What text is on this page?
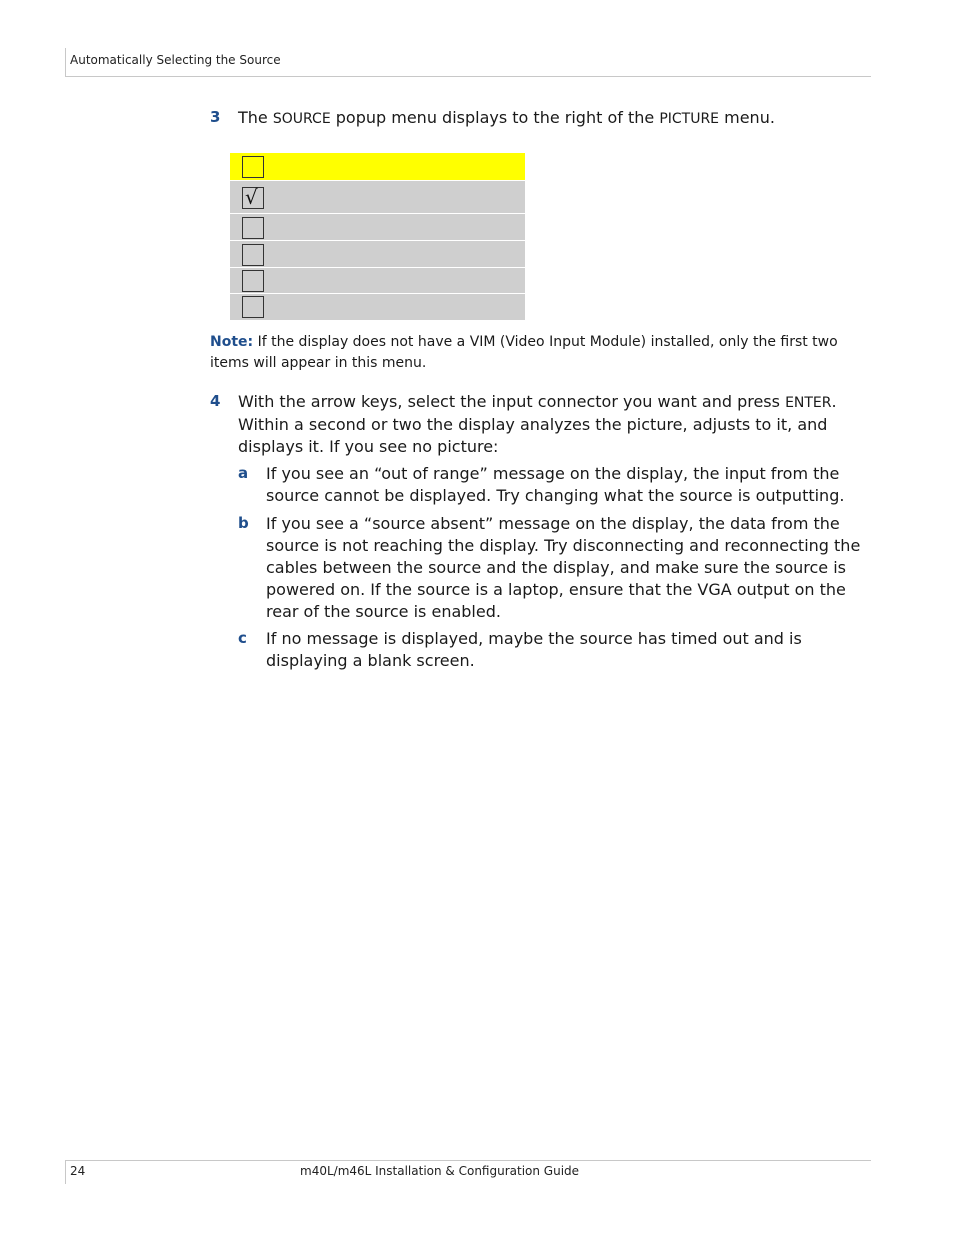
Automatically Selecting the Source
3 The SOURCE popup menu displays to the right of the PICTURE menu.
√
Note: If the display does not have a VIM (Video Input Module) installed, only the first two items will appear in this menu.
4 With the arrow keys, select the input connector you want and press ENTER. Within a second or two the display analyzes the picture, adjusts to it, and displays it. If you see no picture:
a If you see an “out of range” message on the display, the input from the source cannot be displayed. Try changing what the source is outputting.
b If you see a “source absent” message on the display, the data from the source is not reaching the display. Try disconnecting and reconnecting the cables between the source and the display, and make sure the source is powered on. If the source is a laptop, ensure that the VGA output on the rear of the source is enabled.
c If no message is displayed, maybe the source has timed out and is displaying a blank screen.
24	m40L/m46L Installation & Configuration Guide
